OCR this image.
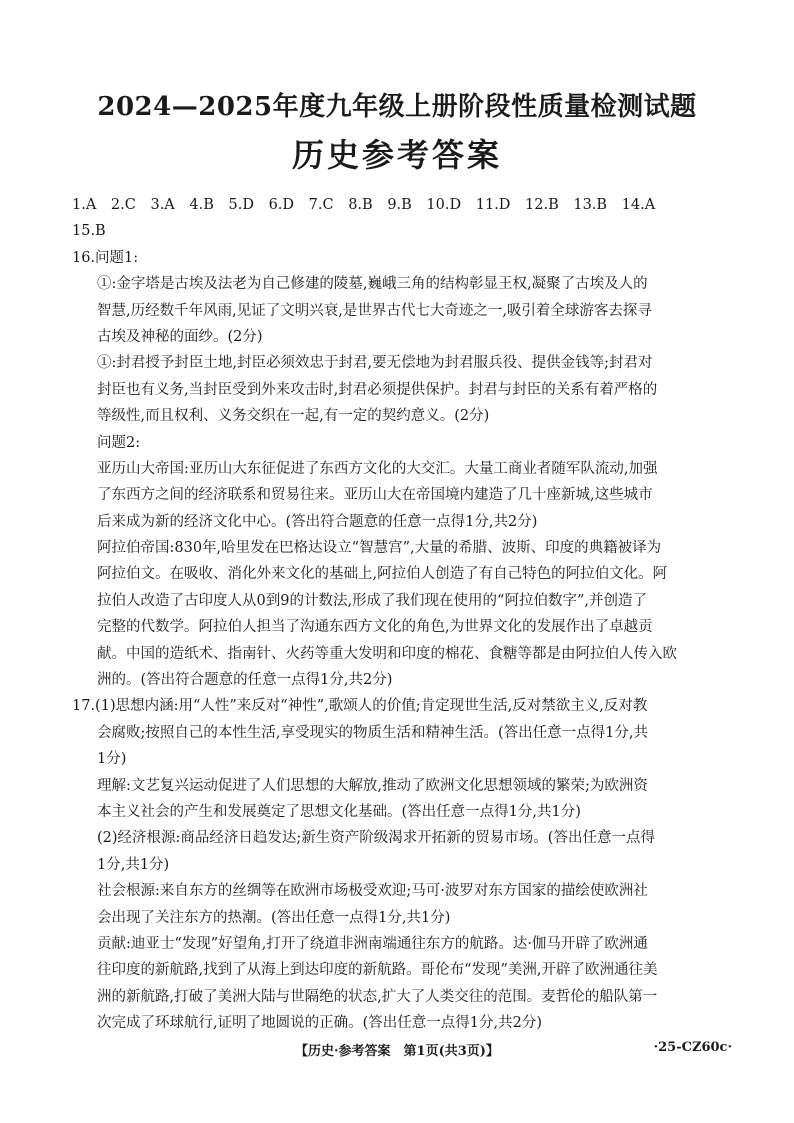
2024—2025年度九年级上册阶段性质量检测试题
历史参考答案
1.A 2.C 3.A 4.B 5.D 6.D 7.C 8.B 9.B 10.D 11.D 12.B 13.B 14.A
15.B
16.问题1:
①:金字塔是古埃及法老为自己修建的陵墓,巍峨三角的结构彰显王权,凝聚了古埃及人的
智慧,历经数千年风雨,见证了文明兴衰,是世界古代七大奇迹之一,吸引着全球游客去探寻
古埃及神秘的面纱。(2分)
①:封君授予封臣土地,封臣必须效忠于封君,要无偿地为封君服兵役、提供金钱等;封君对
封臣也有义务,当封臣受到外来攻击时,封君必须提供保护。封君与封臣的关系有着严格的
等级性,而且权利、义务交织在一起,有一定的契约意义。(2分)
问题2:
亚历山大帝国:亚历山大东征促进了东西方文化的大交汇。大量工商业者随军队流动,加强
了东西方之间的经济联系和贸易往来。亚历山大在帝国境内建造了几十座新城,这些城市
后来成为新的经济文化中心。(答出符合题意的任意一点得1分,共2分)
阿拉伯帝国:830年,哈里发在巴格达设立“智慧宫”,大量的希腊、波斯、印度的典籍被译为
阿拉伯文。在吸收、消化外来文化的基础上,阿拉伯人创造了有自己特色的阿拉伯文化。阿
拉伯人改造了古印度人从0到9的计数法,形成了我们现在使用的“阿拉伯数字”,并创造了
完整的代数学。阿拉伯人担当了沟通东西方文化的角色,为世界文化的发展作出了卓越贡
献。中国的造纸术、指南针、火药等重大发明和印度的棉花、食糖等都是由阿拉伯人传入欧
洲的。(答出符合题意的任意一点得1分,共2分)
17.(1)思想内涵:用“人性”来反对“神性”,歌颂人的价值;肯定现世生活,反对禁欲主义,反对教
会腐败;按照自己的本性生活,享受现实的物质生活和精神生活。(答出任意一点得1分,共
1分)
理解:文艺复兴运动促进了人们思想的大解放,推动了欧洲文化思想领域的繁荣;为欧洲资
本主义社会的产生和发展奠定了思想文化基础。(答出任意一点得1分,共1分)
(2)经济根源:商品经济日趋发达;新生资产阶级渴求开拓新的贸易市场。(答出任意一点得
1分,共1分)
社会根源:来自东方的丝绸等在欧洲市场极受欢迎;马可·波罗对东方国家的描绘使欧洲社
会出现了关注东方的热潮。(答出任意一点得1分,共1分)
贡献:迪亚士“发现”好望角,打开了绕道非洲南端通往东方的航路。达·伽马开辟了欧洲通
往印度的新航路,找到了从海上到达印度的新航路。哥伦布“发现”美洲,开辟了欧洲通往美
洲的新航路,打破了美洲大陆与世隔绝的状态,扩大了人类交往的范围。麦哲伦的船队第一
次完成了环球航行,证明了地圆说的正确。(答出任意一点得1分,共2分)
【历史·参考答案　第1页(共3页)】	·25-CZ60c·
